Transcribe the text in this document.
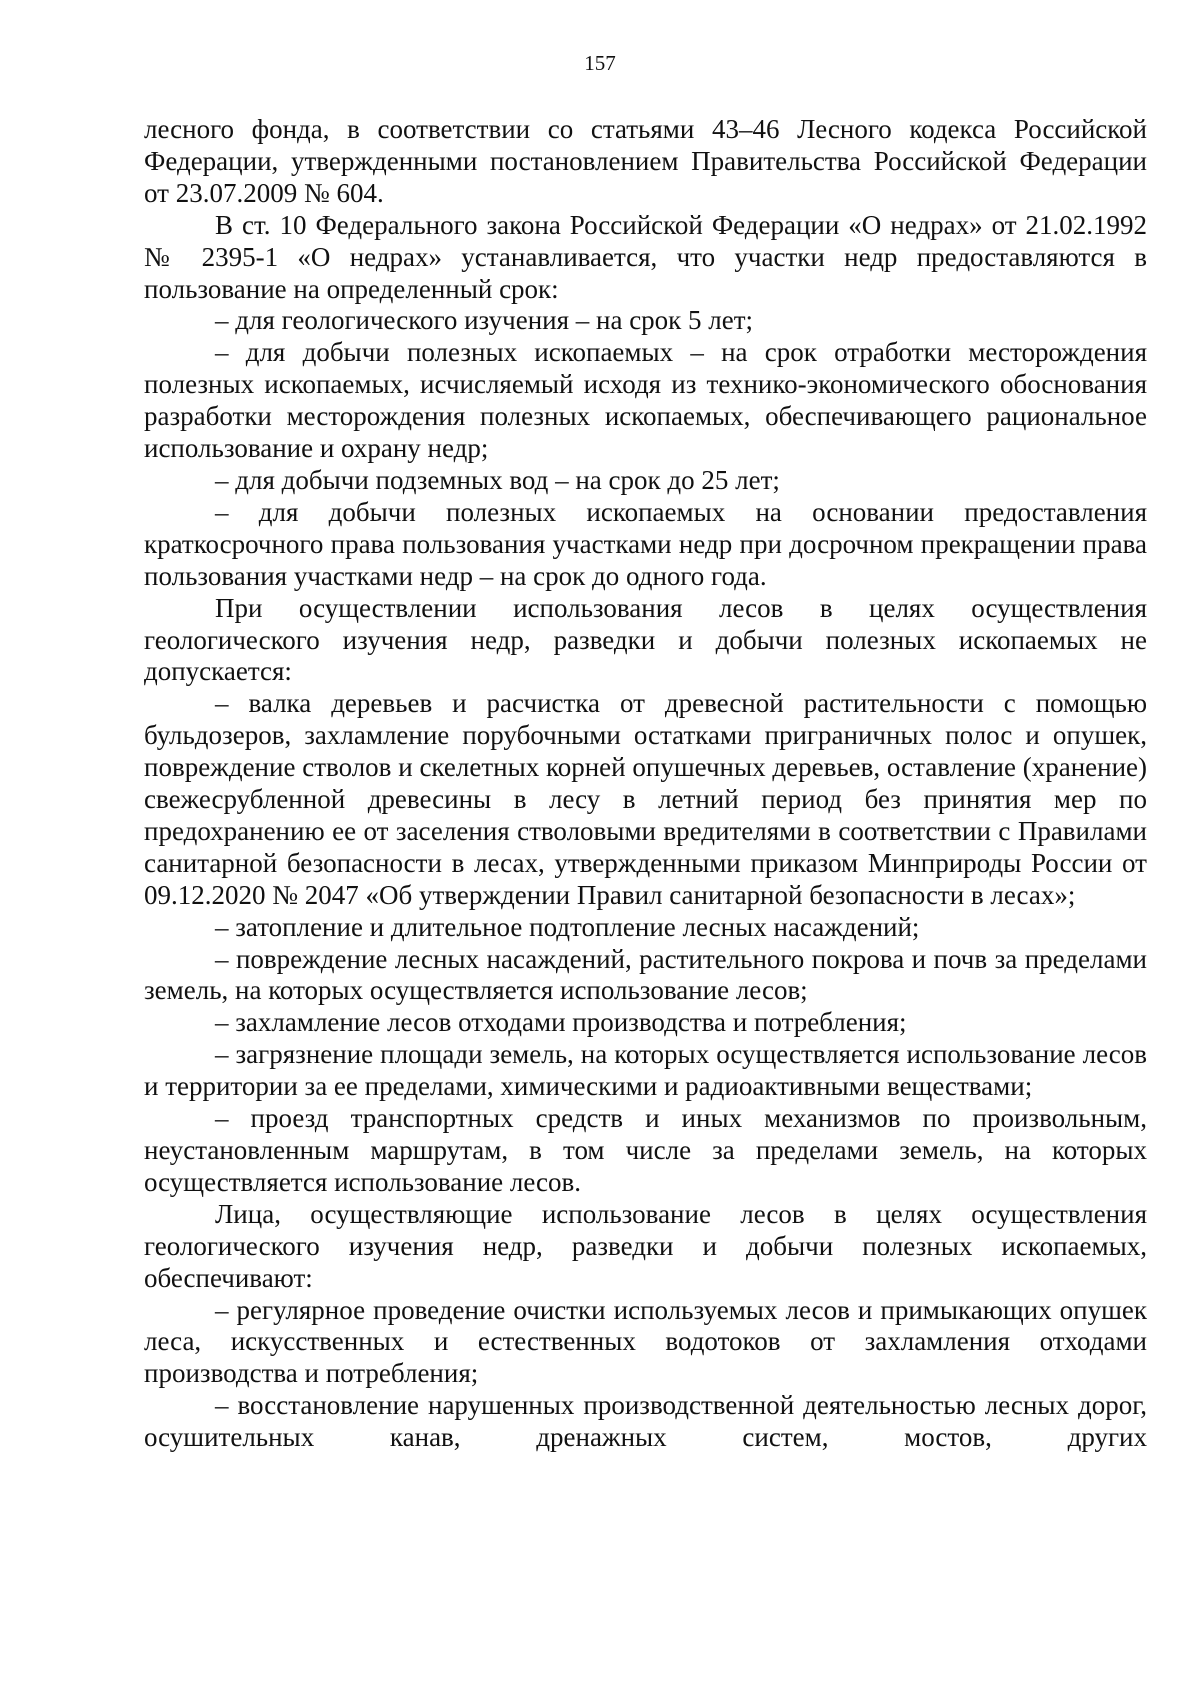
157

лесного фонда, в соответствии со статьями 43–46 Лесного кодекса Российской Федерации, утвержденными постановлением Правительства Российской Федерации от 23.07.2009 № 604.

В ст. 10 Федерального закона Российской Федерации «О недрах» от 21.02.1992 № 2395-1 «О недрах» устанавливается, что участки недр предоставляются в пользование на определенный срок:

– для геологического изучения – на срок 5 лет;

– для добычи полезных ископаемых – на срок отработки месторождения полезных ископаемых, исчисляемый исходя из технико-экономического обоснования разработки месторождения полезных ископаемых, обеспечивающего рациональное использование и охрану недр;

– для добычи подземных вод – на срок до 25 лет;

– для добычи полезных ископаемых на основании предоставления краткосрочного права пользования участками недр при досрочном прекращении права пользования участками недр – на срок до одного года.

При осуществлении использования лесов в целях осуществления геологического изучения недр, разведки и добычи полезных ископаемых не допускается:

– валка деревьев и расчистка от древесной растительности с помощью бульдозеров, захламление порубочными остатками приграничных полос и опушек, повреждение стволов и скелетных корней опушечных деревьев, оставление (хранение) свежесрубленной древесины в лесу в летний период без принятия мер по предохранению ее от заселения стволовыми вредителями в соответствии с Правилами санитарной безопасности в лесах, утвержденными приказом Минприроды России от 09.12.2020 № 2047 «Об утверждении Правил санитарной безопасности в лесах»;

– затопление и длительное подтопление лесных насаждений;

– повреждение лесных насаждений, растительного покрова и почв за пределами земель, на которых осуществляется использование лесов;

– захламление лесов отходами производства и потребления;

– загрязнение площади земель, на которых осуществляется использование лесов и территории за ее пределами, химическими и радиоактивными веществами;

– проезд транспортных средств и иных механизмов по произвольным, неустановленным маршрутам, в том числе за пределами земель, на которых осуществляется использование лесов.

Лица, осуществляющие использование лесов в целях осуществления геологического изучения недр, разведки и добычи полезных ископаемых, обеспечивают:

– регулярное проведение очистки используемых лесов и примыкающих опушек леса, искусственных и естественных водотоков от захламления отходами производства и потребления;

– восстановление нарушенных производственной деятельностью лесных дорог, осушительных канав, дренажных систем, мостов, других
